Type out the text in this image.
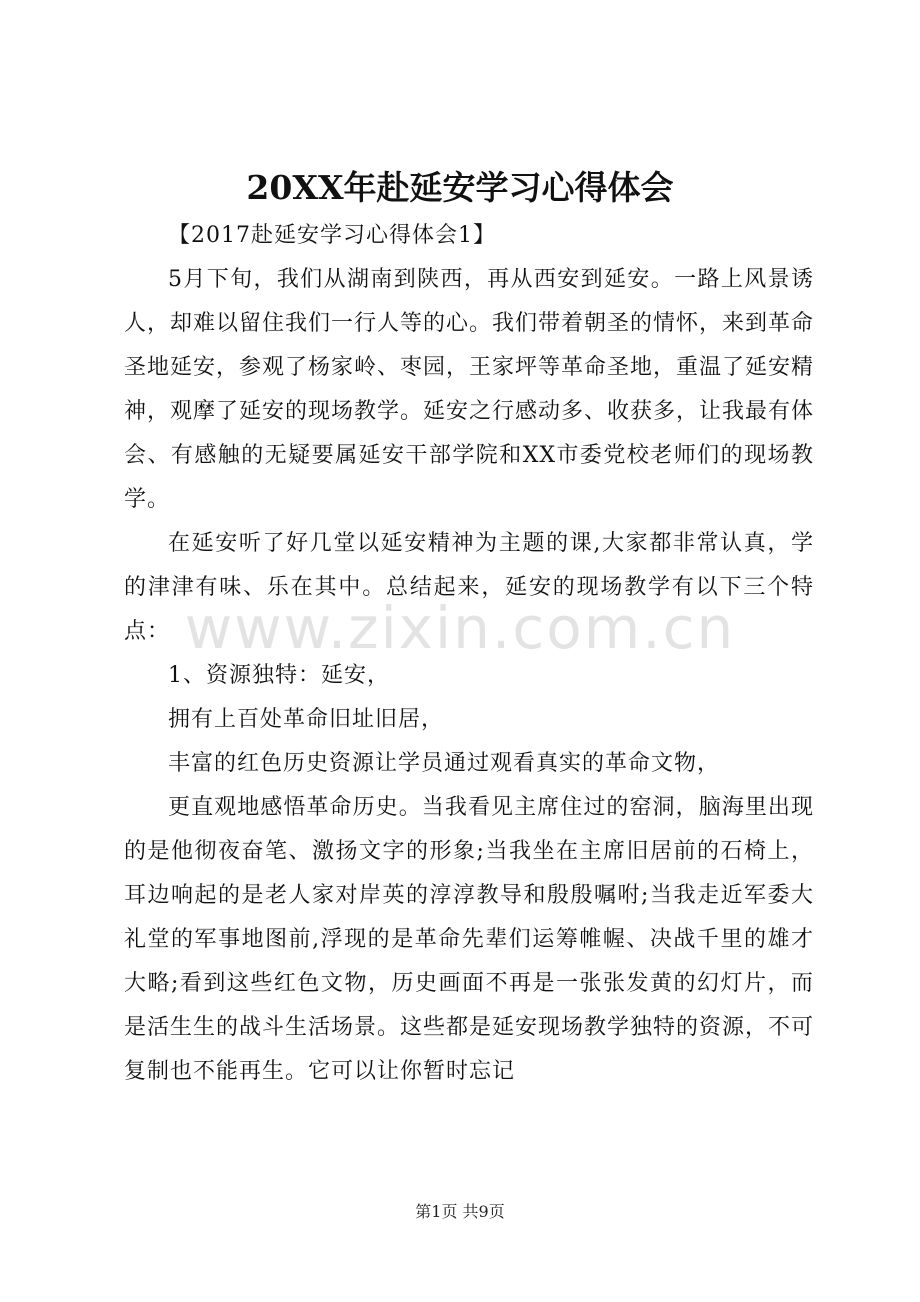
20XX年赴延安学习心得体会

【2017赴延安学习心得体会1】

5月下旬，我们从湖南到陕西，再从西安到延安。一路上风景诱人，却难以留住我们一行人等的心。我们带着朝圣的情怀，来到革命圣地延安，参观了杨家岭、枣园，王家坪等革命圣地，重温了延安精神，观摩了延安的现场教学。延安之行感动多、收获多，让我最有体会、有感触的无疑要属延安干部学院和XX市委党校老师们的现场教学。

在延安听了好几堂以延安精神为主题的课,大家都非常认真，学的津津有味、乐在其中。总结起来，延安的现场教学有以下三个特点：

1、资源独特：延安，

拥有上百处革命旧址旧居，

丰富的红色历史资源让学员通过观看真实的革命文物，

更直观地感悟革命历史。当我看见主席住过的窑洞，脑海里出现的是他彻夜奋笔、激扬文字的形象;当我坐在主席旧居前的石椅上，耳边响起的是老人家对岸英的淳淳教导和殷殷嘱咐;当我走近军委大礼堂的军事地图前,浮现的是革命先辈们运筹帷幄、决战千里的雄才大略;看到这些红色文物，历史画面不再是一张张发黄的幻灯片，而是活生生的战斗生活场景。这些都是延安现场教学独特的资源，不可复制也不能再生。它可以让你暂时忘记

www.zixin.com.cn
第1页 共9页
